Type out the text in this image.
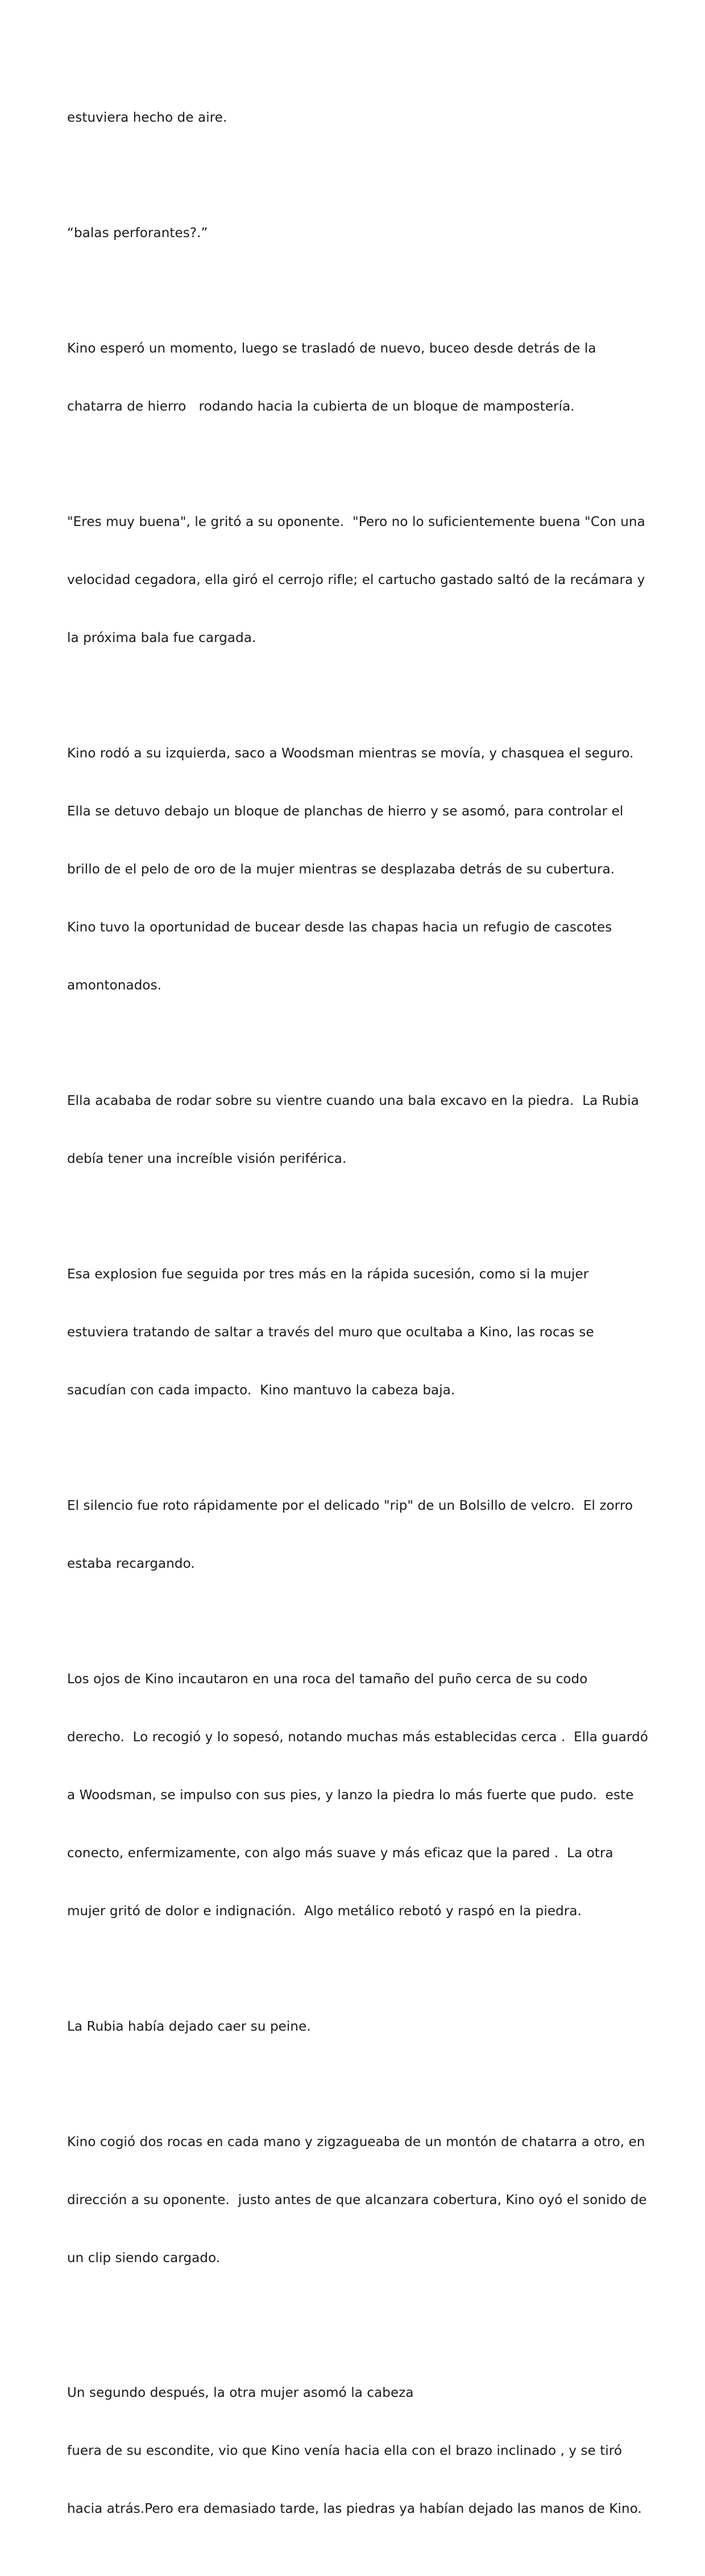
estuviera hecho de aire.

“balas perforantes?.”

Kino esperó un momento, luego se trasladó de nuevo, buceo desde detrás de la

chatarra de hierro   rodando hacia la cubierta de un bloque de mampostería.

"Eres muy buena", le gritó a su oponente.  "Pero no lo suficientemente buena "Con una

velocidad cegadora, ella giró el cerrojo rifle; el cartucho gastado saltó de la recámara y

la próxima bala fue cargada.

Kino rodó a su izquierda, saco a Woodsman mientras se movía, y chasquea el seguro.

Ella se detuvo debajo un bloque de planchas de hierro y se asomó, para controlar el

brillo de el pelo de oro de la mujer mientras se desplazaba detrás de su cubertura.

Kino tuvo la oportunidad de bucear desde las chapas hacia un refugio de cascotes

amontonados.

Ella acababa de rodar sobre su vientre cuando una bala excavo en la piedra.  La Rubia

debía tener una increíble visión periférica.

Esa explosion fue seguida por tres más en la rápida sucesión, como si la mujer

estuviera tratando de saltar a través del muro que ocultaba a Kino, las rocas se

sacudían con cada impacto.  Kino mantuvo la cabeza baja.

El silencio fue roto rápidamente por el delicado "rip" de un Bolsillo de velcro.  El zorro

estaba recargando.

Los ojos de Kino incautaron en una roca del tamaño del puño cerca de su codo

derecho.  Lo recogió y lo sopesó, notando muchas más establecidas cerca .  Ella guardó

a Woodsman, se impulso con sus pies, y lanzo la piedra lo más fuerte que pudo.  este

conecto, enfermizamente, con algo más suave y más eficaz que la pared .  La otra

mujer gritó de dolor e indignación.  Algo metálico rebotó y raspó en la piedra.

La Rubia había dejado caer su peine.

Kino cogió dos rocas en cada mano y zigzagueaba de un montón de chatarra a otro, en

dirección a su oponente.  justo antes de que alcanzara cobertura, Kino oyó el sonido de

un clip siendo cargado.

Un segundo después, la otra mujer asomó la cabeza

fuera de su escondite, vio que Kino venía hacia ella con el brazo inclinado , y se tiró

hacia atrás.Pero era demasiado tarde, las piedras ya habían dejado las manos de Kino.
